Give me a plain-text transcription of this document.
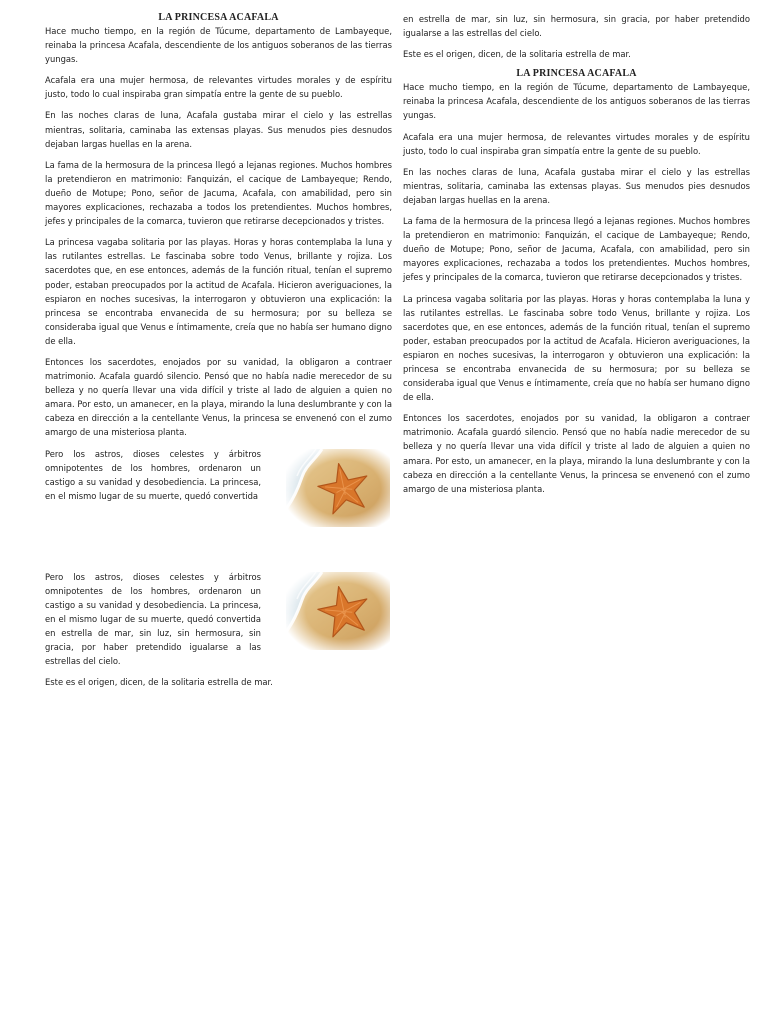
LA PRINCESA ACAFALA

Hace mucho tiempo, en la región de Túcume, departamento de Lambayeque, reinaba la princesa Acafala, descendiente de los antiguos soberanos de las tierras yungas.

Acafala era una mujer hermosa, de relevantes virtudes morales y de espíritu justo, todo lo cual inspiraba gran simpatía entre la gente de su pueblo.

En las noches claras de luna, Acafala gustaba mirar el cielo y las estrellas mientras, solitaria, caminaba las extensas playas. Sus menudos pies desnudos dejaban largas huellas en la arena.

La fama de la hermosura de la princesa llegó a lejanas regiones. Muchos hombres la pretendieron en matrimonio: Fanquizán, el cacique de Lambayeque; Rendo, dueño de Motupe; Pono, señor de Jacuma, Acafala, con amabilidad, pero sin mayores explicaciones, rechazaba a todos los pretendientes. Muchos hombres, jefes y principales de la comarca, tuvieron que retirarse decepcionados y tristes.

La princesa vagaba solitaria por las playas. Horas y horas contemplaba la luna y las rutilantes estrellas. Le fascinaba sobre todo Venus, brillante y rojiza. Los sacerdotes que, en ese entonces, además de la función ritual, tenían el supremo poder, estaban preocupados por la actitud de Acafala. Hicieron averiguaciones, la espiaron en noches sucesivas, la interrogaron y obtuvieron una explicación: la princesa se encontraba envanecida de su hermosura; por su belleza se consideraba igual que Venus e íntimamente, creía que no había ser humano digno de ella.

Entonces los sacerdotes, enojados por su vanidad, la obligaron a contraer matrimonio. Acafala guardó silencio. Pensó que no había nadie merecedor de su belleza y no quería llevar una vida difícil y triste al lado de alguien a quien no amara. Por esto, un amanecer, en la playa, mirando la luna deslumbrante y con la cabeza en dirección a la centellante Venus, la princesa se envenenó con el zumo amargo de una misteriosa planta.

Pero los astros, dioses celestes y árbitros omnipotentes de los hombres, ordenaron un castigo a su vanidad y desobediencia. La princesa, en el mismo lugar de su muerte, quedó convertida

Pero los astros, dioses celestes y árbitros omnipotentes de los hombres, ordenaron un castigo a su vanidad y desobediencia. La princesa, en el mismo lugar de su muerte, quedó convertida en estrella de mar, sin luz, sin hermosura, sin gracia, por haber pretendido igualarse a las estrellas del cielo.

Este es el origen, dicen, de la solitaria estrella de mar.

en estrella de mar, sin luz, sin hermosura, sin gracia, por haber pretendido igualarse a las estrellas del cielo.

Este es el origen, dicen, de la solitaria estrella de mar.

LA PRINCESA ACAFALA

Hace mucho tiempo, en la región de Túcume, departamento de Lambayeque, reinaba la princesa Acafala, descendiente de los antiguos soberanos de las tierras yungas.

Acafala era una mujer hermosa, de relevantes virtudes morales y de espíritu justo, todo lo cual inspiraba gran simpatía entre la gente de su pueblo.

En las noches claras de luna, Acafala gustaba mirar el cielo y las estrellas mientras, solitaria, caminaba las extensas playas. Sus menudos pies desnudos dejaban largas huellas en la arena.

La fama de la hermosura de la princesa llegó a lejanas regiones. Muchos hombres la pretendieron en matrimonio: Fanquizán, el cacique de Lambayeque; Rendo, dueño de Motupe; Pono, señor de Jacuma, Acafala, con amabilidad, pero sin mayores explicaciones, rechazaba a todos los pretendientes. Muchos hombres, jefes y principales de la comarca, tuvieron que retirarse decepcionados y tristes.

La princesa vagaba solitaria por las playas. Horas y horas contemplaba la luna y las rutilantes estrellas. Le fascinaba sobre todo Venus, brillante y rojiza. Los sacerdotes que, en ese entonces, además de la función ritual, tenían el supremo poder, estaban preocupados por la actitud de Acafala. Hicieron averiguaciones, la espiaron en noches sucesivas, la interrogaron y obtuvieron una explicación: la princesa se encontraba envanecida de su hermosura; por su belleza se consideraba igual que Venus e íntimamente, creía que no había ser humano digno de ella.

Entonces los sacerdotes, enojados por su vanidad, la obligaron a contraer matrimonio. Acafala guardó silencio. Pensó que no había nadie merecedor de su belleza y no quería llevar una vida difícil y triste al lado de alguien a quien no amara. Por esto, un amanecer, en la playa, mirando la luna deslumbrante y con la cabeza en dirección a la centellante Venus, la princesa se envenenó con el zumo amargo de una misteriosa planta.
